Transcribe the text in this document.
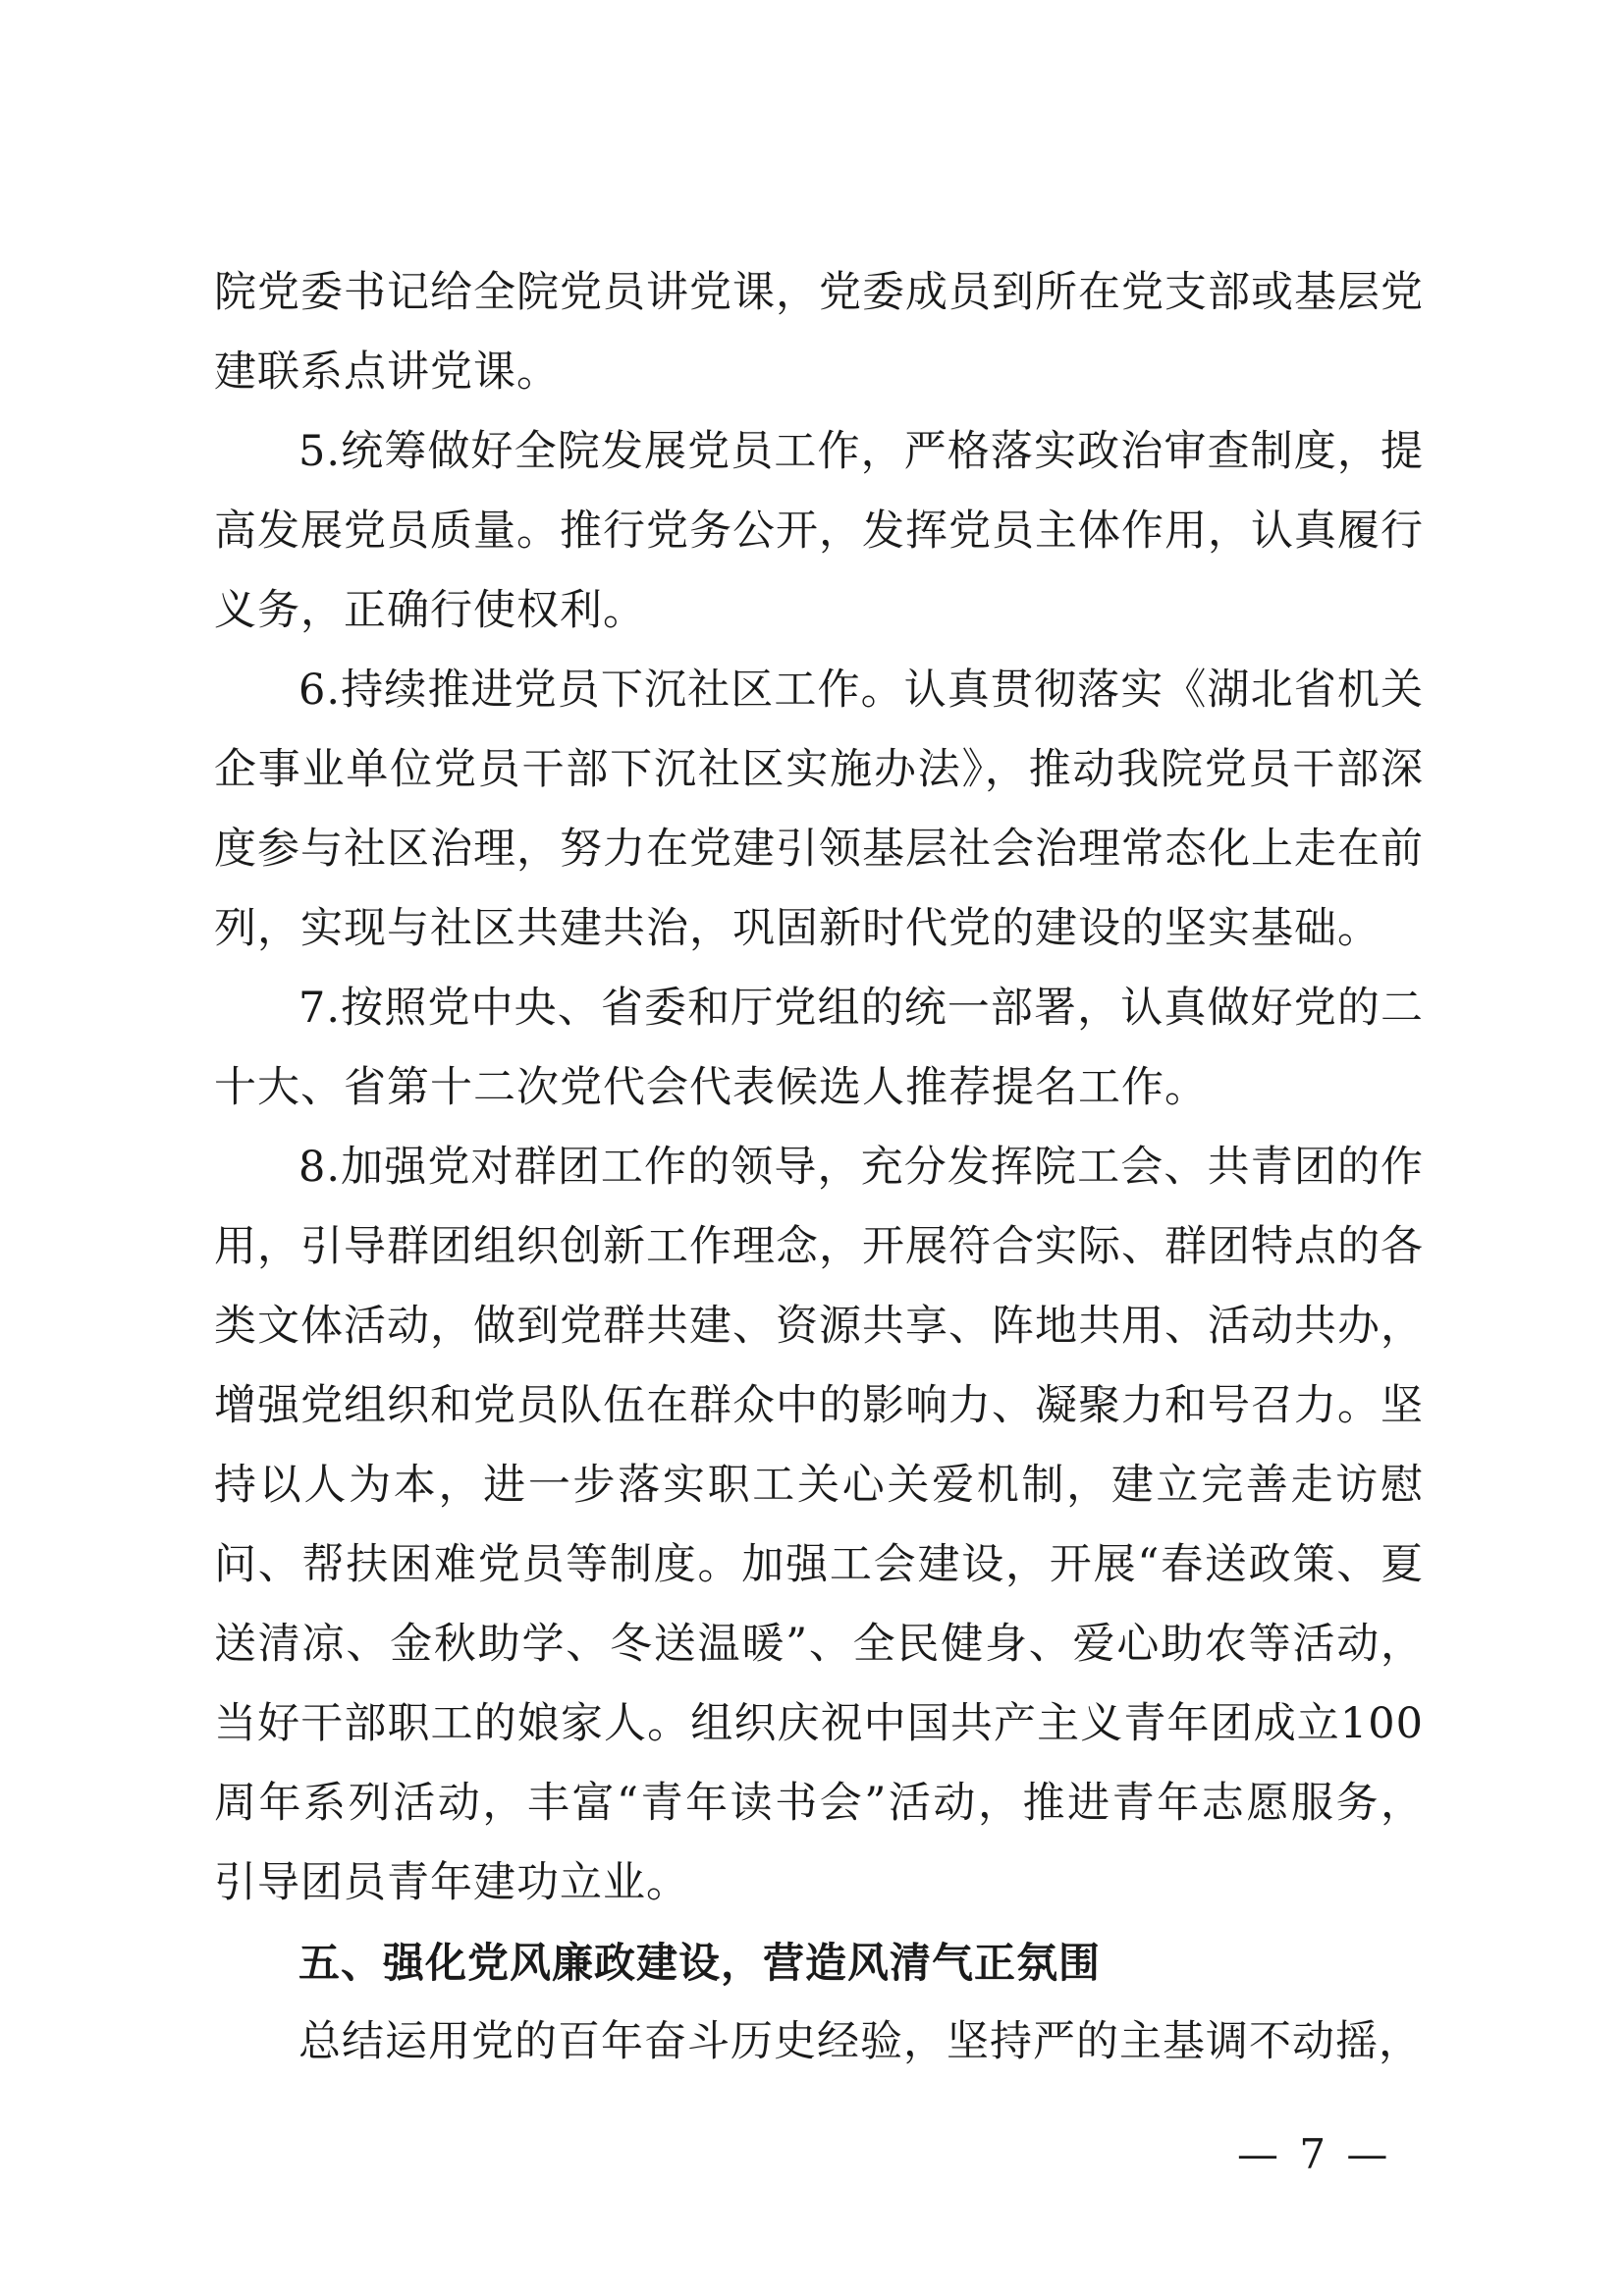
院党委书记给全院党员讲党课，党委成员到所在党支部或基层党建联系点讲党课。

5.统筹做好全院发展党员工作，严格落实政治审查制度，提高发展党员质量。推行党务公开，发挥党员主体作用，认真履行义务，正确行使权利。

6.持续推进党员下沉社区工作。认真贯彻落实《湖北省机关企事业单位党员干部下沉社区实施办法》，推动我院党员干部深度参与社区治理，努力在党建引领基层社会治理常态化上走在前列，实现与社区共建共治，巩固新时代党的建设的坚实基础。

7.按照党中央、省委和厅党组的统一部署，认真做好党的二十大、省第十二次党代会代表候选人推荐提名工作。

8.加强党对群团工作的领导，充分发挥院工会、共青团的作用，引导群团组织创新工作理念，开展符合实际、群团特点的各类文体活动，做到党群共建、资源共享、阵地共用、活动共办，增强党组织和党员队伍在群众中的影响力、凝聚力和号召力。坚持以人为本，进一步落实职工关心关爱机制，建立完善走访慰问、帮扶困难党员等制度。加强工会建设，开展“春送政策、夏送清凉、金秋助学、冬送温暖”、全民健身、爱心助农等活动，当好干部职工的娘家人。组织庆祝中国共产主义青年团成立100周年系列活动，丰富“青年读书会”活动，推进青年志愿服务，引导团员青年建功立业。

五、强化党风廉政建设，营造风清气正氛围

总结运用党的百年奋斗历史经验，坚持严的主基调不动摇，

— 7 —
